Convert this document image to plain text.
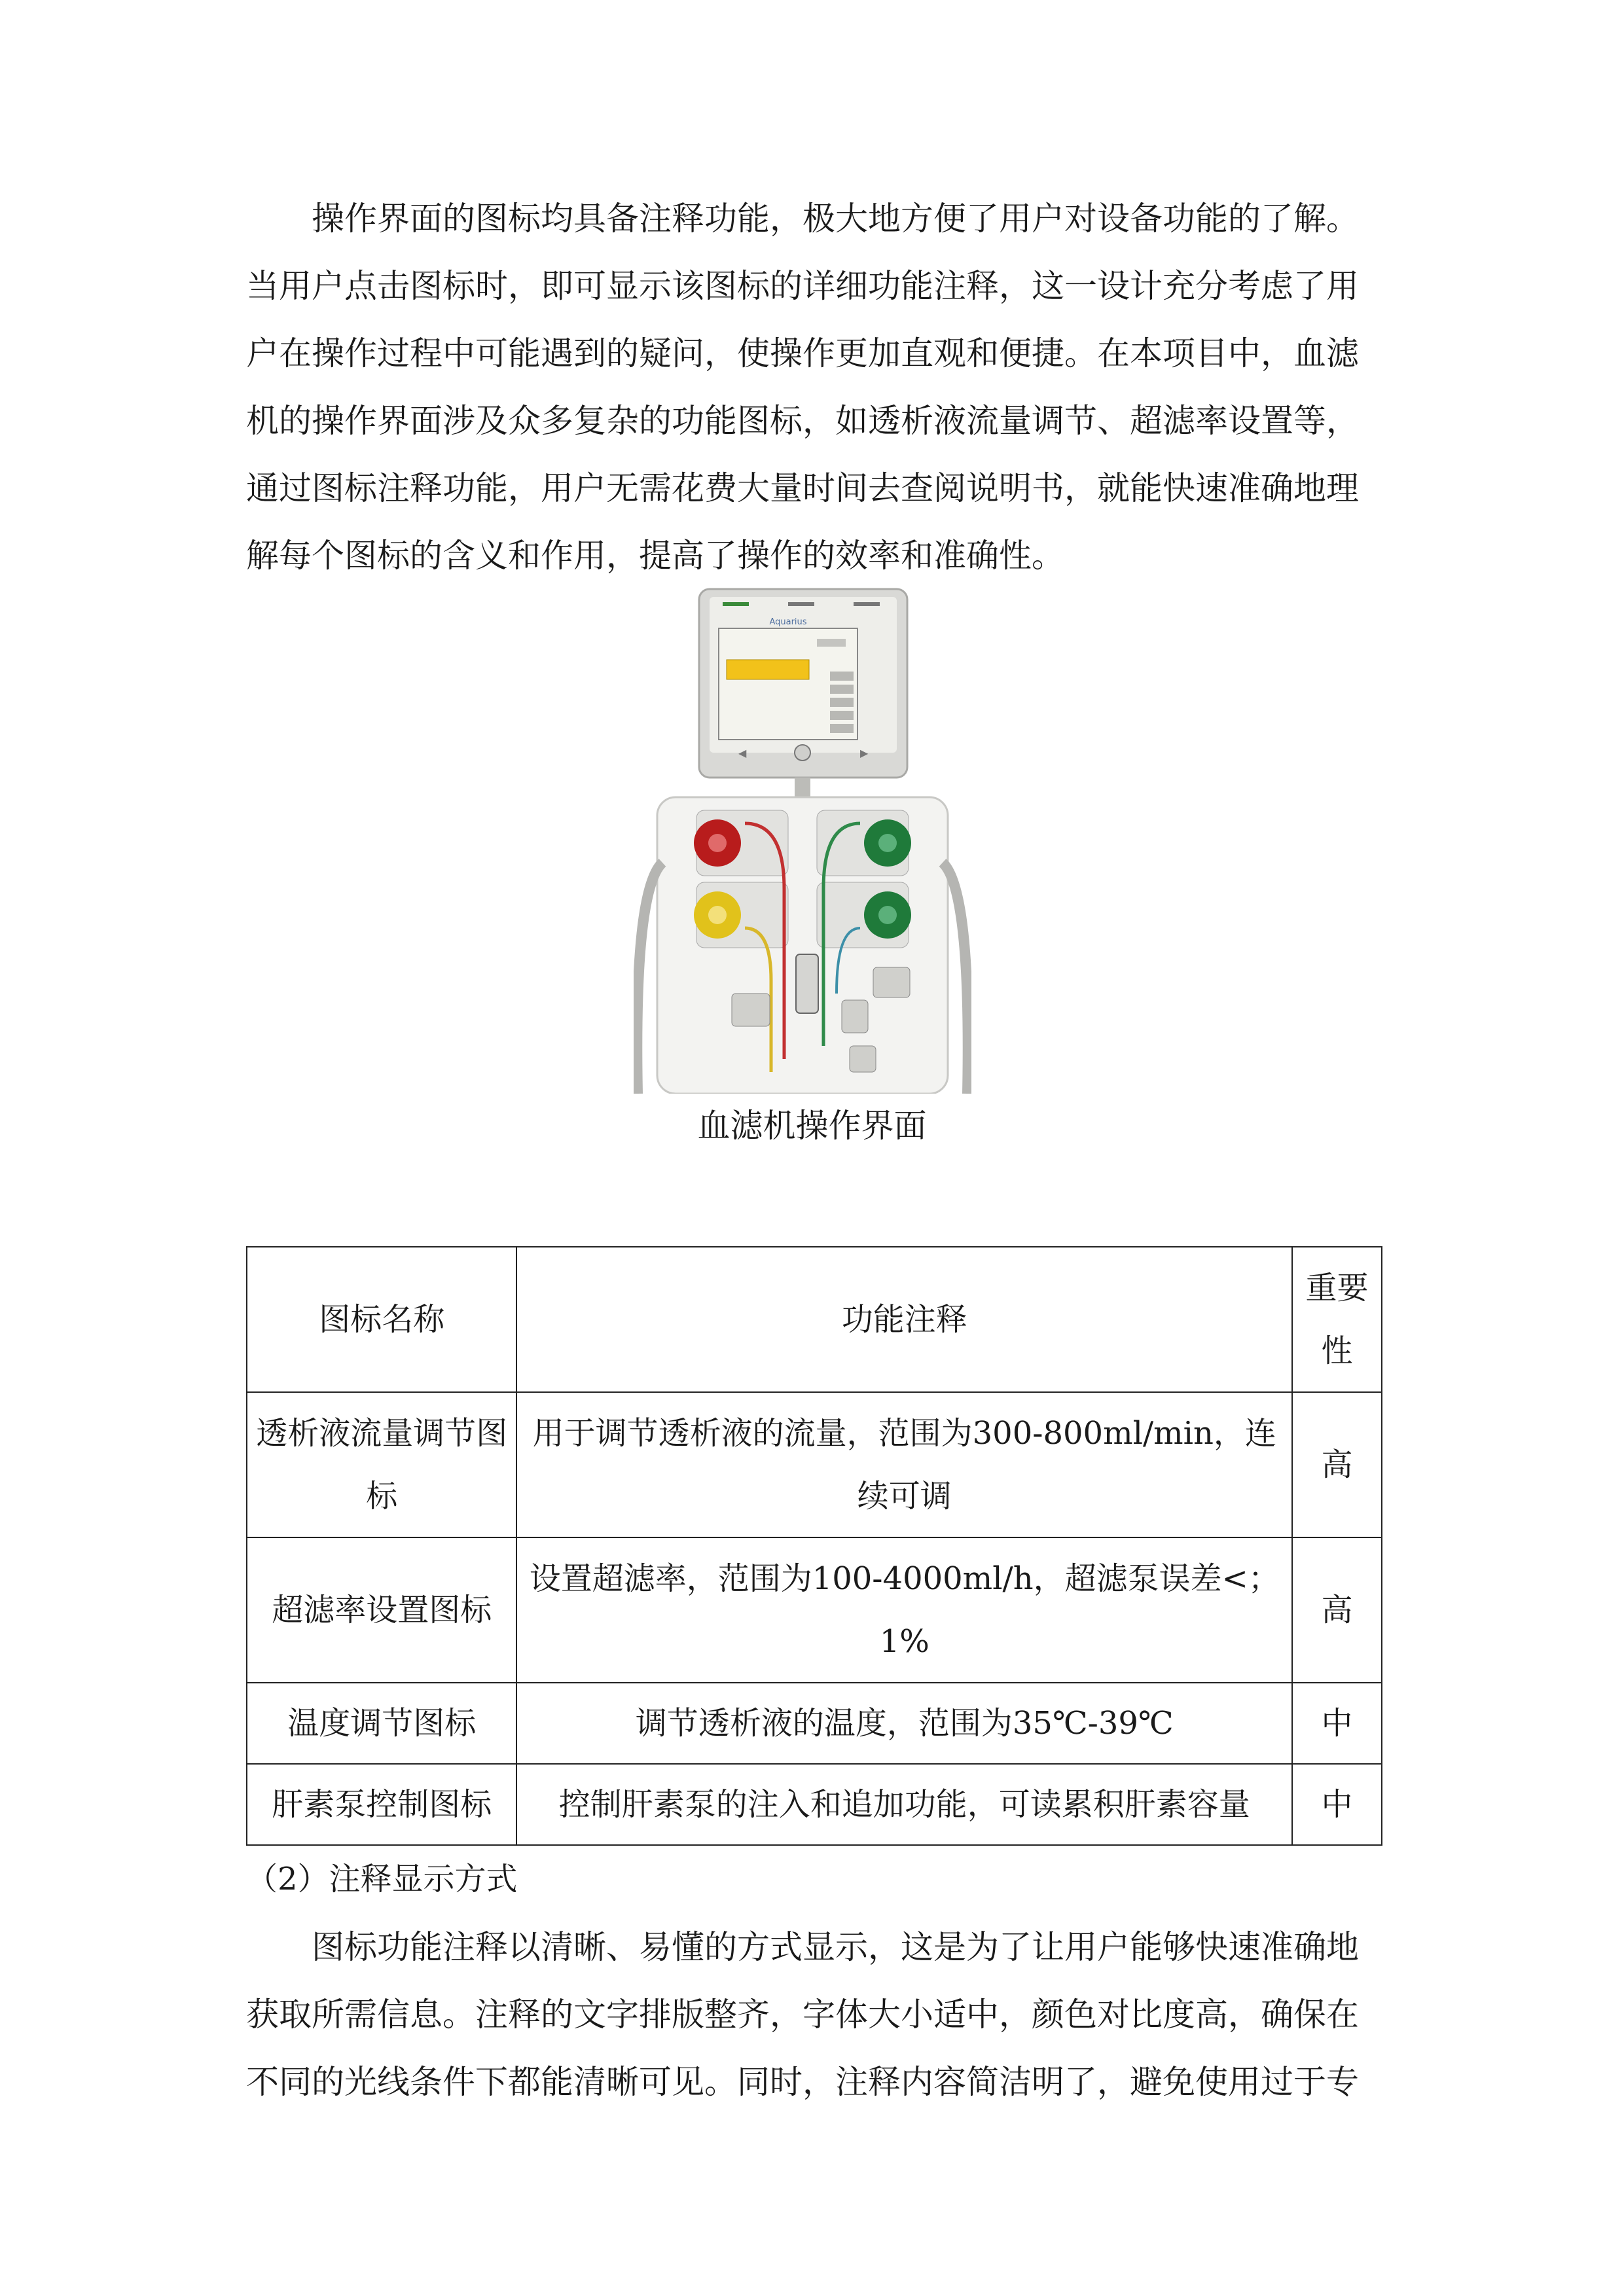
操作界面的图标均具备注释功能，极大地方便了用户对设备功能的了解。
当用户点击图标时，即可显示该图标的详细功能注释，这一设计充分考虑了用
户在操作过程中可能遇到的疑问，使操作更加直观和便捷。在本项目中，血滤
机的操作界面涉及众多复杂的功能图标，如透析液流量调节、超滤率设置等，
通过图标注释功能，用户无需花费大量时间去查阅说明书，就能快速准确地理
解每个图标的含义和作用，提高了操作的效率和准确性。
Aquarius
◀	▶
血滤机操作界面
图标名称	功能注释	重要性
透析液流量调节图标	用于调节透析液的流量，范围为300-800ml/min，连续可调	高
超滤率设置图标	设置超滤率，范围为100-4000ml/h，超滤泵误差<；1%	高
温度调节图标	调节透析液的温度，范围为35℃-39℃	中
肝素泵控制图标	控制肝素泵的注入和追加功能，可读累积肝素容量	中
（2）注释显示方式
图标功能注释以清晰、易懂的方式显示，这是为了让用户能够快速准确地
获取所需信息。注释的文字排版整齐，字体大小适中，颜色对比度高，确保在
不同的光线条件下都能清晰可见。同时，注释内容简洁明了，避免使用过于专
